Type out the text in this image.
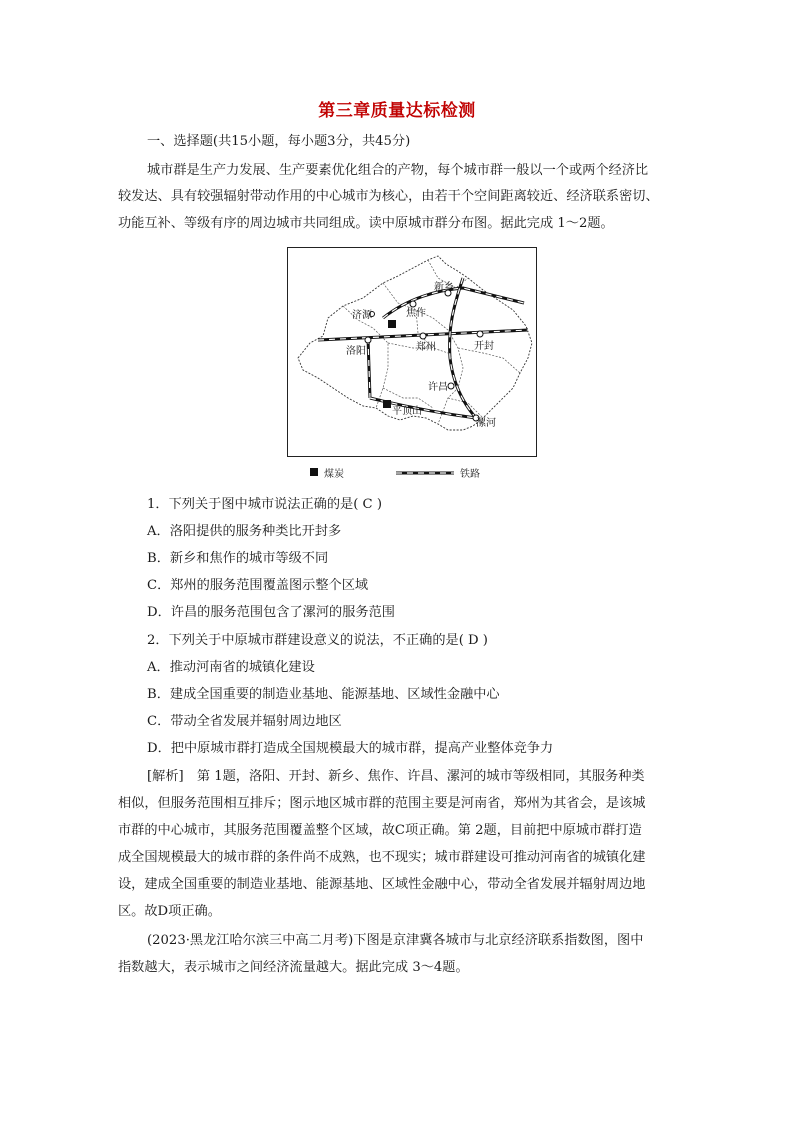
第三章质量达标检测
一、选择题(共15小题，每小题3分，共45分)
城市群是生产力发展、生产要素优化组合的产物，每个城市群一般以一个或两个经济比
较发达、具有较强辐射带动作用的中心城市为核心，由若干个空间距离较近、经济联系密切、
功能互补、等级有序的周边城市共同组成。读中原城市群分布图。据此完成 1～2题。
新乡
济源	焦作
洛阳	郑州	开封
许昌
平顶山
漯河
煤炭	铁路
1．下列关于图中城市说法正确的是( C )
A．洛阳提供的服务种类比开封多
B．新乡和焦作的城市等级不同
C．郑州的服务范围覆盖图示整个区域
D．许昌的服务范围包含了漯河的服务范围
2．下列关于中原城市群建设意义的说法，不正确的是( D )
A．推动河南省的城镇化建设
B．建成全国重要的制造业基地、能源基地、区域性金融中心
C．带动全省发展并辐射周边地区
D．把中原城市群打造成全国规模最大的城市群，提高产业整体竞争力
[解析]　第 1题，洛阳、开封、新乡、焦作、许昌、漯河的城市等级相同，其服务种类
相似，但服务范围相互排斥；图示地区城市群的范围主要是河南省，郑州为其省会，是该城
市群的中心城市，其服务范围覆盖整个区域，故C项正确。第 2题，目前把中原城市群打造
成全国规模最大的城市群的条件尚不成熟，也不现实；城市群建设可推动河南省的城镇化建
设，建成全国重要的制造业基地、能源基地、区域性金融中心，带动全省发展并辐射周边地
区。故D项正确。
(2023·黑龙江哈尔滨三中高二月考)下图是京津冀各城市与北京经济联系指数图，图中
指数越大，表示城市之间经济流量越大。据此完成 3～4题。
